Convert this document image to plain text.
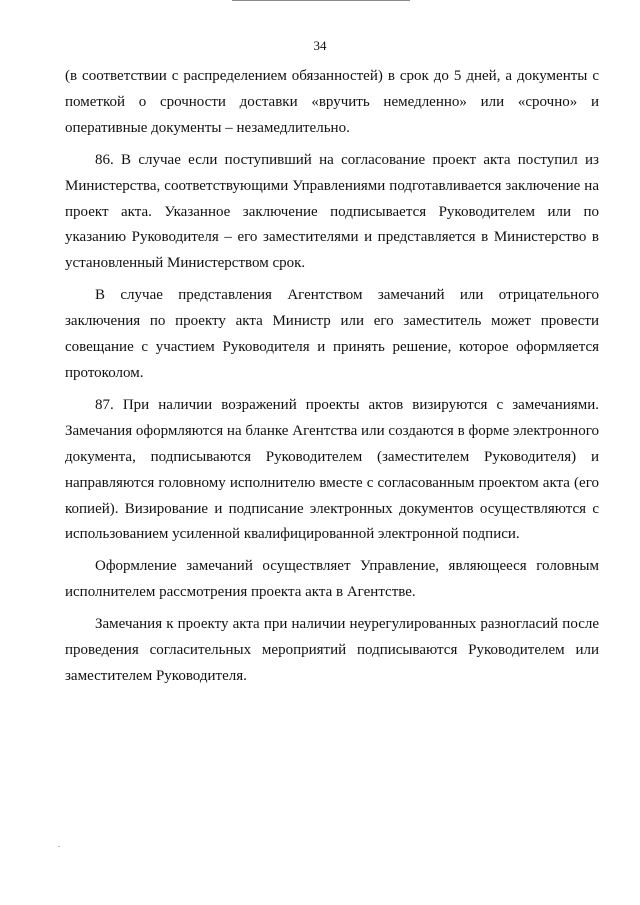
34

(в соответствии с распределением обязанностей) в срок до 5 дней, а документы с пометкой о срочности доставки «вручить немедленно» или «срочно» и оперативные документы – незамедлительно.

86. В случае если поступивший на согласование проект акта поступил из Министерства, соответствующими Управлениями подготавливается заключение на проект акта. Указанное заключение подписывается Руководителем или по указанию Руководителя – его заместителями и представляется в Министерство в установленный Министерством срок.

В случае представления Агентством замечаний или отрицательного заключения по проекту акта Министр или его заместитель может провести совещание с участием Руководителя и принять решение, которое оформляется протоколом.

87. При наличии возражений проекты актов визируются с замечаниями. Замечания оформляются на бланке Агентства или создаются в форме электронного документа, подписываются Руководителем (заместителем Руководителя) и направляются головному исполнителю вместе с согласованным проектом акта (его копией). Визирование и подписание электронных документов осуществляются с использованием усиленной квалифицированной электронной подписи.

Оформление замечаний осуществляет Управление, являющееся головным исполнителем рассмотрения проекта акта в Агентстве.

Замечания к проекту акта при наличии неурегулированных разногласий после проведения согласительных мероприятий подписываются Руководителем или заместителем Руководителя.
